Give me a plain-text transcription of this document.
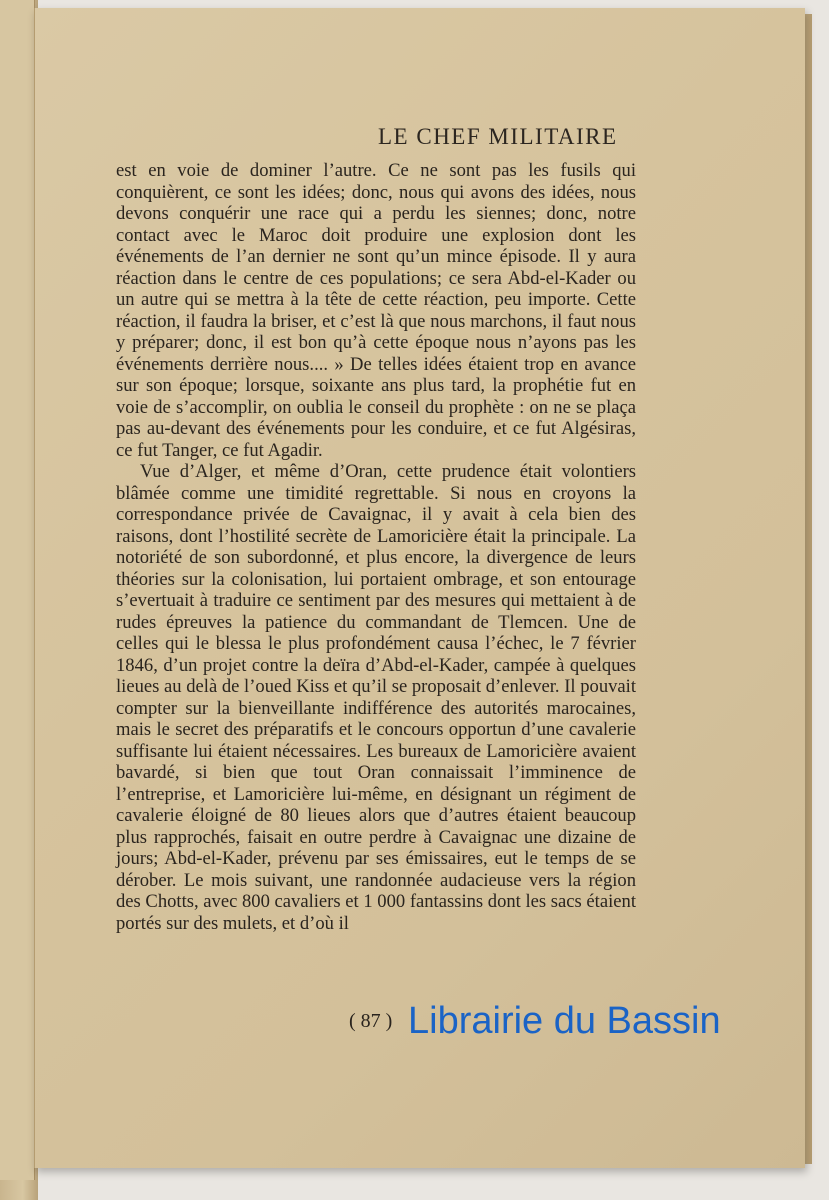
LE CHEF MILITAIRE

est en voie de dominer l’autre. Ce ne sont pas les fusils qui conquièrent, ce sont les idées; donc, nous qui avons des idées, nous devons conquérir une race qui a perdu les siennes; donc, notre contact avec le Maroc doit produire une explosion dont les événements de l’an dernier ne sont qu’un mince épisode. Il y aura réaction dans le centre de ces populations; ce sera Abd-el-Kader ou un autre qui se mettra à la tête de cette réaction, peu importe. Cette réaction, il faudra la briser, et c’est là que nous marchons, il faut nous y préparer; donc, il est bon qu’à cette époque nous n’ayons pas les événements derrière nous.... » De telles idées étaient trop en avance sur son époque; lorsque, soixante ans plus tard, la prophétie fut en voie de s’accomplir, on oublia le conseil du prophète : on ne se plaça pas au-devant des événements pour les conduire, et ce fut Algésiras, ce fut Tanger, ce fut Agadir.

Vue d’Alger, et même d’Oran, cette prudence était volontiers blâmée comme une timidité regrettable. Si nous en croyons la correspondance privée de Cavaignac, il y avait à cela bien des raisons, dont l’hostilité secrète de Lamoricière était la principale. La notoriété de son subordonné, et plus encore, la divergence de leurs théories sur la colonisation, lui portaient ombrage, et son entourage s’evertuait à traduire ce sentiment par des mesures qui mettaient à de rudes épreuves la patience du commandant de Tlemcen. Une de celles qui le blessa le plus profondément causa l’échec, le 7 février 1846, d’un projet contre la deïra d’Abd-el-Kader, campée à quelques lieues au delà de l’oued Kiss et qu’il se proposait d’enlever. Il pouvait compter sur la bienveillante indifférence des autorités marocaines, mais le secret des préparatifs et le concours opportun d’une cavalerie suffisante lui étaient nécessaires. Les bureaux de Lamoricière avaient bavardé, si bien que tout Oran connaissait l’imminence de l’entreprise, et Lamoricière lui-même, en désignant un régiment de cavalerie éloigné de 80 lieues alors que d’autres étaient beaucoup plus rapprochés, faisait en outre perdre à Cavaignac une dizaine de jours; Abd-el-Kader, prévenu par ses émissaires, eut le temps de se dérober. Le mois suivant, une randonnée audacieuse vers la région des Chotts, avec 800 cavaliers et 1 000 fantassins dont les sacs étaient portés sur des mulets, et d’où il

( 87 ) Librairie du Bassin
